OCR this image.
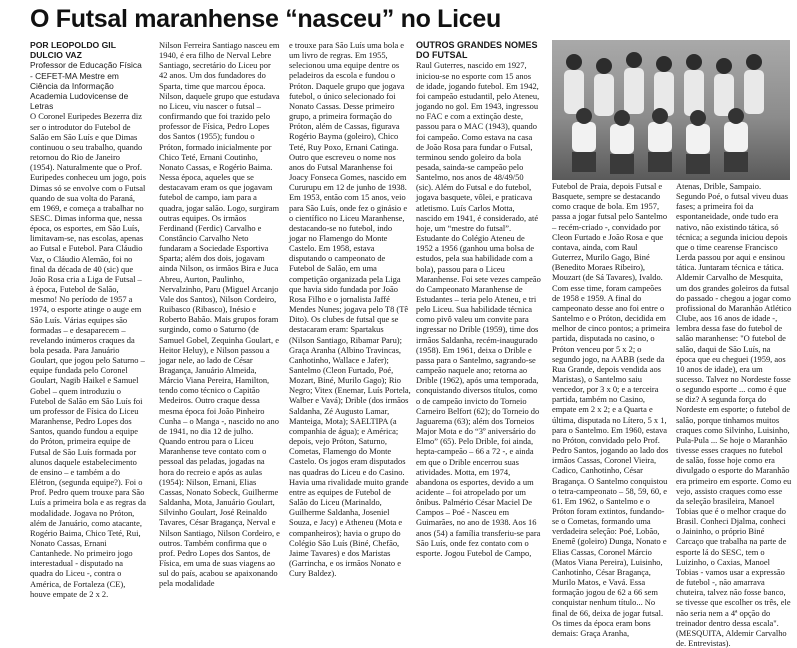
O Futsal maranhense “nasceu” no Liceu

POR LEOPOLDO GIL DULCIO VAZ

Professor de Educação Física - CEFET-MA Mestre em Ciência da Informação Academia Ludovicense de Letras

O Coronel Euripedes Bezerra diz ser o introdutor do Futebol de Salão em São Luís e que Dimas continuou o seu trabalho, quando retornou do Rio de Janeiro (1954). Naturalmente que o Prof. Euripedes conheceu um jogo, pois Dimas só se envolve com o Futsal quando de sua volta do Paraná, em 1969, e começa a trabalhar no SESC. Dimas informa que, nessa época, os esportes, em São Luís, limitavam-se, nas escolas, apenas ao Futsal e Futebol. Para Cláudio Vaz, o Cláudio Alemão, foi no final da década de 40 (sic) que João Rosa cria a Liga de Futsal – à época, Futebol de Salão, mesmo! No período de 1957 a 1974, o esporte atinge o auge em São Luís. Várias equipes são formadas – e desaparecem – revelando inúmeros craques da bola pesada. Para Januário Goulart, que jogou pelo Saturno – equipe fundada pelo Coronel Goulart, Nagib Haikel e Samuel Gobel – quem introduziu o Futebol de Salão em São Luís foi um professor de Física do Liceu Maranhense, Pedro Lopes dos Santos, quando fundou a equipe do Próton, primeira equipe de Futsal de São Luís formada por alunos daquele estabelecimento de ensino – e também a do Elétron, (segunda equipe?). Foi o Prof. Pedro quem trouxe para São Luís a primeira bola e as regras da modalidade. Jogava no Próton, além de Januário, como atacante, Rogério Baima, Chico Teté, Rui, Nonato Cassas, Ernani Cantanhede. No primeiro jogo interestadual - disputado na quadra do Liceu -, contra o América, de Fortaleza (CE), houve empate de 2 x 2.

Nilson Ferreira Santiago nasceu em 1940, é era filho de Nerval Lebre Santiago, secretário do Liceu por 42 anos. Um dos fundadores do Sparta, time que marcou época. Nilson, daquele grupo que estudava no Liceu, viu nascer o futsal – confirmando que foi trazido pelo professor de Física, Pedro Lopes dos Santos (1955); fundou o Próton, formado inicialmente por Chico Teté, Ernani Coutinho, Nonato Cassas, e Rogério Baima. Nessa época, aqueles que se destacavam eram os que jogavam futebol de campo, iam para a quadra, jogar salão. Logo, surgiram outras equipes. Os irmãos Ferdinand (Ferdic) Carvalho e Constâncio Carvalho Neto fundaram a Sociedade Esportiva Sparta; além dos dois, jogavam ainda Nilson, os irmãos Bira e Juca Abreu, Aurton, Paulinho, Nervalzinho, Paru (Miguel Arcanjo Vale dos Santos), Nilson Cordeiro, Ruibasco (Ribasco), Inésio e Roberto Babão. Mais grupos foram surgindo, como o Saturno (de Samuel Gobel, Zequinha Goulart, e Heitor Heluy), e Nilson passou a jogar nele, ao lado de César Bragança, Januário Almeida, Márcio Viana Pereira, Hamilton, tendo como técnico o Capitão Medeiros. Outro craque dessa mesma época foi João Pinheiro Cunha – o Manga -, nascido no ano de 1941, no dia 12 de julho. Quando entrou para o Liceu Maranhense teve contato com o pessoal das peladas, jogadas na hora do recreio e após as aulas (1954): Nilson, Ernani, Elias Cassas, Nonato Sobeck, Guilherme Saldanha, Mota, Januário Goulart, Silvinho Goulart, José Reinaldo Tavares, César Bragança, Nerval e Nilson Santiago, Nilson Cordeiro, e outros. Também confirma que o prof. Pedro Lopes dos Santos, de Física, em uma de suas viagens ao sul do país, acabou se apaixonando pela modalidade

e trouxe para São Luís uma bola e um livro de regras. Em 1955, selecionou uma equipe dentre os peladeiros da escola e fundou o Próton. Daquele grupo que jogava futebol, o único selecionado foi Nonato Cassas. Desse primeiro grupo, a primeira formação do Próton, além de Cassas, figurava Rogério Bayma (goleiro), Chico Teté, Ruy Poxo, Ernani Catinga. Outro que escreveu o nome nos anos do Futsal Maranhense foi Joacy Fonseca Gomes, nascido em Cururupu em 12 de junho de 1938. Em 1953, então com 15 anos, veio para São Luís, onde fez o ginásio e o científico no Liceu Maranhense, destacando-se no futebol, indo jogar no Flamengo do Monte Castelo. Em 1958, estava disputando o campeonato de Futebol de Salão, em uma competição organizada pela Liga que havia sido fundada por João Rosa Filho e o jornalista Jaffé Mendes Nunes; jogava pelo T8 (Tê Dito). Os clubes de futsal que se destacaram eram: Spartakus (Nilson Santiago, Ribamar Paru); Graça Aranha (Albino Travincas, Canhotinho, Wallace e Jafer); Santelmo (Cleon Furtado, Poé, Mozart, Biné, Murilo Gago); Rio Negro; Vitex (Enemar, Luís Portela, Walber e Vavá); Drible (dos irmãos Saldanha, Zé Augusto Lamar, Manteiga, Mota); SAELTIPA (a companhia de água); e América; depois, vejo Próton, Saturno, Cometas, Flamengo do Monte Castelo. Os jogos eram disputados nas quadras do Liceu e do Casino. Havia uma rivalidade muito grande entre as equipes de Futebol de Salão do Liceu (Marinaldo, Guilherme Saldanha, Joseniel Souza, e Jacy) e Atheneu (Mota e companheiros); havia o grupo do Colégio São Luís (Biné, Chefão, Jaime Tavares) e dos Maristas (Garrincha, e os irmãos Nonato e Cury Baldez).

OUTROS GRANDES NOMES DO FUTSAL

Raul Guterres, nascido em 1927, iniciou-se no esporte com 15 anos de idade, jogando futebol. Em 1942, foi campeão estudantil, pelo Ateneu, jogando no gol. Em 1943, ingressou no FAC e com a extinção deste, passou para o MAC (1943), quando foi campeão. Como estava na casa de João Rosa para fundar o Futsal, terminou sendo goleiro da bola pesada, sainda-se campeão pelo Santelmo, nos anos de 48/49/50 (sic). Além do Futsal e do futebol, jogava basquete, vôlei, e praticava atletismo. Luís Carlos Motta, nascido em 1941, é considerado, até hoje, um “mestre do futsal”. Estudante do Colégio Ateneu de 1952 a 1956 (ganhou uma bolsa de estudos, pela sua habilidade com a bola), passou para o Liceu Maranhense. Foi sete vezes campeão do Campeonato Maranhense de Estudantes – teria pelo Ateneu, e tri pelo Liceu. Sua habilidade técnica como pivô valeu um convite para ingressar no Drible (1959), time dos irmãos Saldanha, recém-inaugurado (1958). Em 1961, deixa o Drible e passa para o Santelmo, sagrando-se campeão naquele ano; retorna ao Drible (1962), após uma temporada, conquistando diversos títulos, como o de campeão invicto do Torneio Carneiro Belfort (62); do Torneio do Jaguarema (63); além dos Torneios Major Mota e do “3º aniversário do Elmo” (65). Pelo Drible, foi ainda, hepta-campeão – 66 a 72 -, e ainda em que o Drible encerrou suas atividades. Motta, em 1974, abandona os esportes, devido a um acidente – foi atropelado por um ônibus. Palmério César Maciel De Campos – Poé - Nasceu em Guimarães, no ano de 1938. Aos 16 anos (54) a família transferiu-se para São Luís, onde fez contato com o esporte. Jogou Futebol de Campo,

Futebol de Praia, depois Futsal e Basquete, sempre se destacando como craque de bola. Em 1957, passa a jogar futsal pelo Santelmo – recém-criado -, convidado por Cleon Furtado e João Rosa e que contava, ainda, com Raul Guterrez, Murilo Gago, Biné (Benedito Moraes Ribeiro), Mouzart (de Sá Tavares), Ivaldo. Com esse time, foram campeões de 1958 e 1959. A final do campeonato desse ano foi entre o Santelmo e o Próton, decidida em melhor de cinco pontos; a primeira partida, disputada no casino, o Próton venceu por 5 x 2; o segundo jogo, na AABB (sede da Rua Grande, depois vendida aos Maristas), o Santelmo saiu vencedor, por 3 x 0; e a terceira partida, também no Casino, empate em 2 x 2; e a Quarta e última, disputada no Lítero, 5 x 1, para o Santelmo. Em 1960, estava no Próton, convidado pelo Prof. Pedro Santos, jogando ao lado dos irmãos Cassas, Coronel Vieira, Cadico, Canhotinho, César Bragança. O Santelmo conquistou o tetra-campeonato – 58, 59, 60, e 61. Em 1962, o Santelmo e o Próton foram extintos, fundando-se o Cometas, formando uma verdadeira seleção: Poé, Lobão, Enemê (goleiro) Dunga, Nonato e Elias Cassas, Coronel Márcio (Matos Viana Pereira), Luisinho, Canhotinho, César Bragança, Murilo Matos, e Vavá. Essa formação jogou de 62 a 66 sem conquistar nenhum título... No final de 66, deixa de jogar futsal. Os times da época eram bons demais: Graça Aranha,

Atenas, Drible, Sampaio. Segundo Poé, o futsal viveu duas fases; a primeira foi da espontaneidade, onde tudo era nativo, não existindo tática, só técnica; a segunda iniciou depois que o time cearense Francisco Lerda passou por aqui e ensinou tática. Juntaram técnica e tática. Aldemir Carvalho de Mesquita, um dos grandes goleiros da futsal do passado - chegou a jogar como profissional do Maranhão Atlético Clube, aos 16 anos de idade -, lembra dessa fase do futebol de salão maranhense: "O futebol de salão, daqui de São Luís, na época que eu cheguei (1959, aos 10 anos de idade), era um sucesso. Talvez no Nordeste fosse o segundo esporte ... como é que se diz? A segunda força do Nordeste em esporte; o futebol de salão, porque tinhamos muitos craques como Silvinho, Luisinho, Pula-Pula ... Se hoje o Maranhão tivesse esses craques no futebol de salão, fosse hoje como era divulgado o esporte do Maranhão era primeiro em esporte. Como eu vejo, assisto craques como esse da seleção brasileira, Manoel Tobias que é o melhor craque do Brasil. Conheci Djalma, conheci o Jaininho, o próprio Biné Carcaço que trabalha na parte de esporte lá do SESC, tem o Luizinho, o Caxias, Manoel Tobias - vamos usar a expressão de futebol -, não amarrava chuteira, talvez não fosse banco, se tivesse que escolher os três, ele não seria nem a 4ª opção do treinador dentro dessa escala". (MESQUITA, Aldemir Carvalho de. Entrevistas).
